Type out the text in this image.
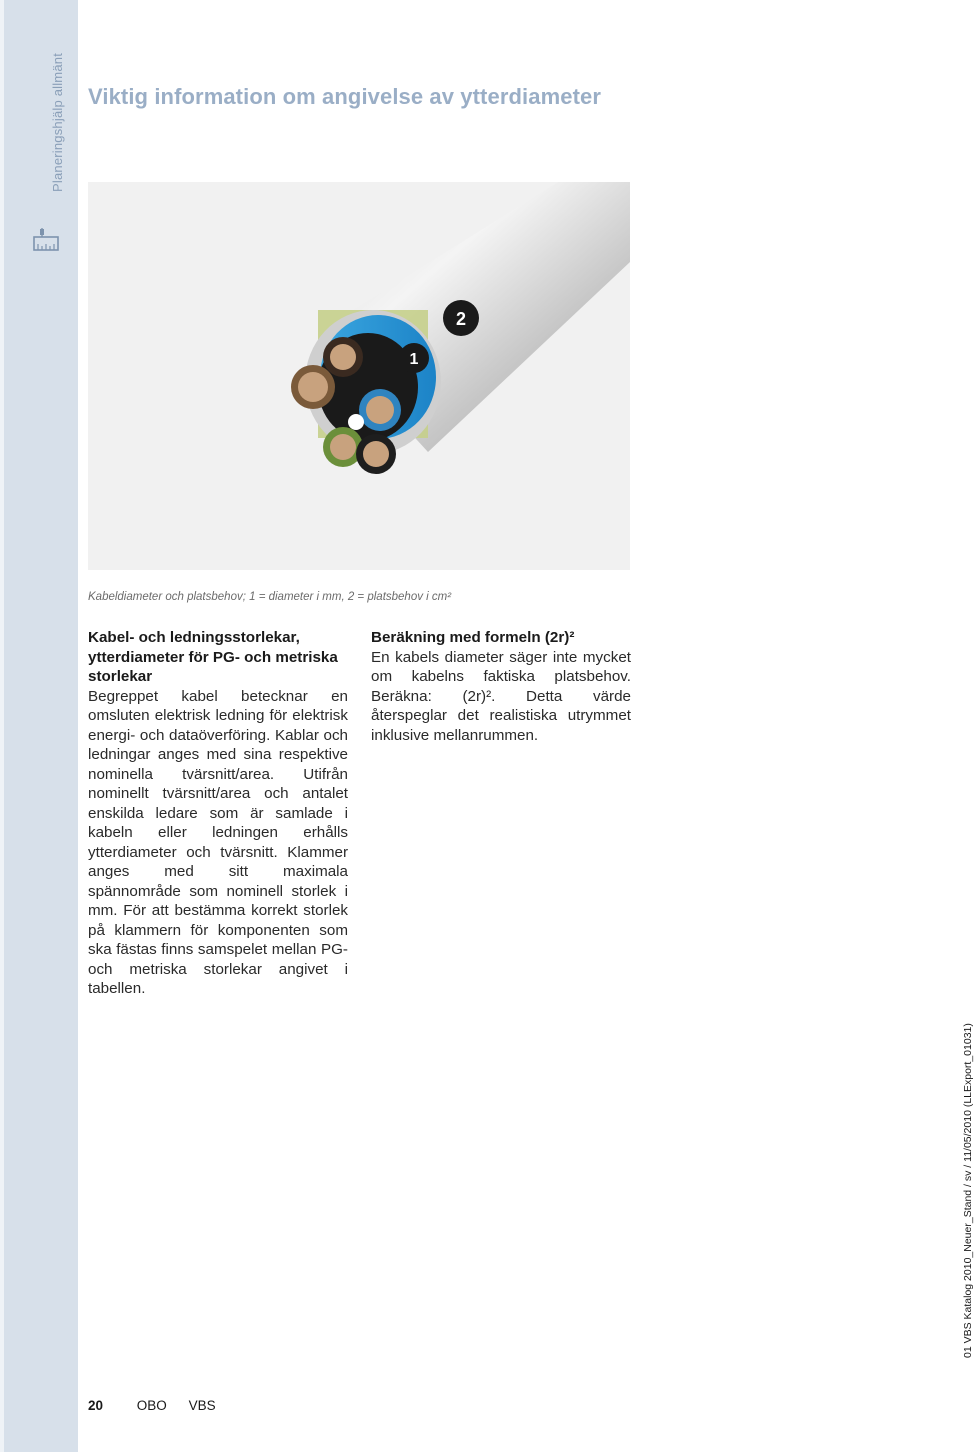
Planeringshjälp allmänt Viktig information om angivelse av ytterdiameter
1
2
Kabeldiameter och platsbehov; 1 = diameter i mm, 2 = platsbehov i cm²
Kabel- och ledningsstorlekar, ytterdiameter för PG- och metriska storlekar

Begreppet kabel betecknar en omsluten elektrisk ledning för elektrisk energi- och dataöverföring. Kablar och ledningar anges med sina respektive nominella tvärsnitt/area. Utifrån nominellt tvärsnitt/area och antalet enskilda ledare som är samlade i kabeln eller ledningen erhålls ytterdiameter och tvärsnitt. Klammer anges med sitt maximala spännområde som nominell storlek i mm. För att bestämma korrekt storlek på klammern för komponenten som ska fästas finns samspelet mellan PG- och metriska storlekar angivet i tabellen.

Beräkning med formeln (2r)²

En kabels diameter säger inte mycket om kabelns faktiska platsbehov. Beräkna: (2r)². Detta värde återspeglar det realistiska utrymmet inklusive mellanrummen.

20	OBO VBS
01 VBS Katalog 2010_Neuer_Stand / sv / 11/05/2010 (LLExport_01031)
